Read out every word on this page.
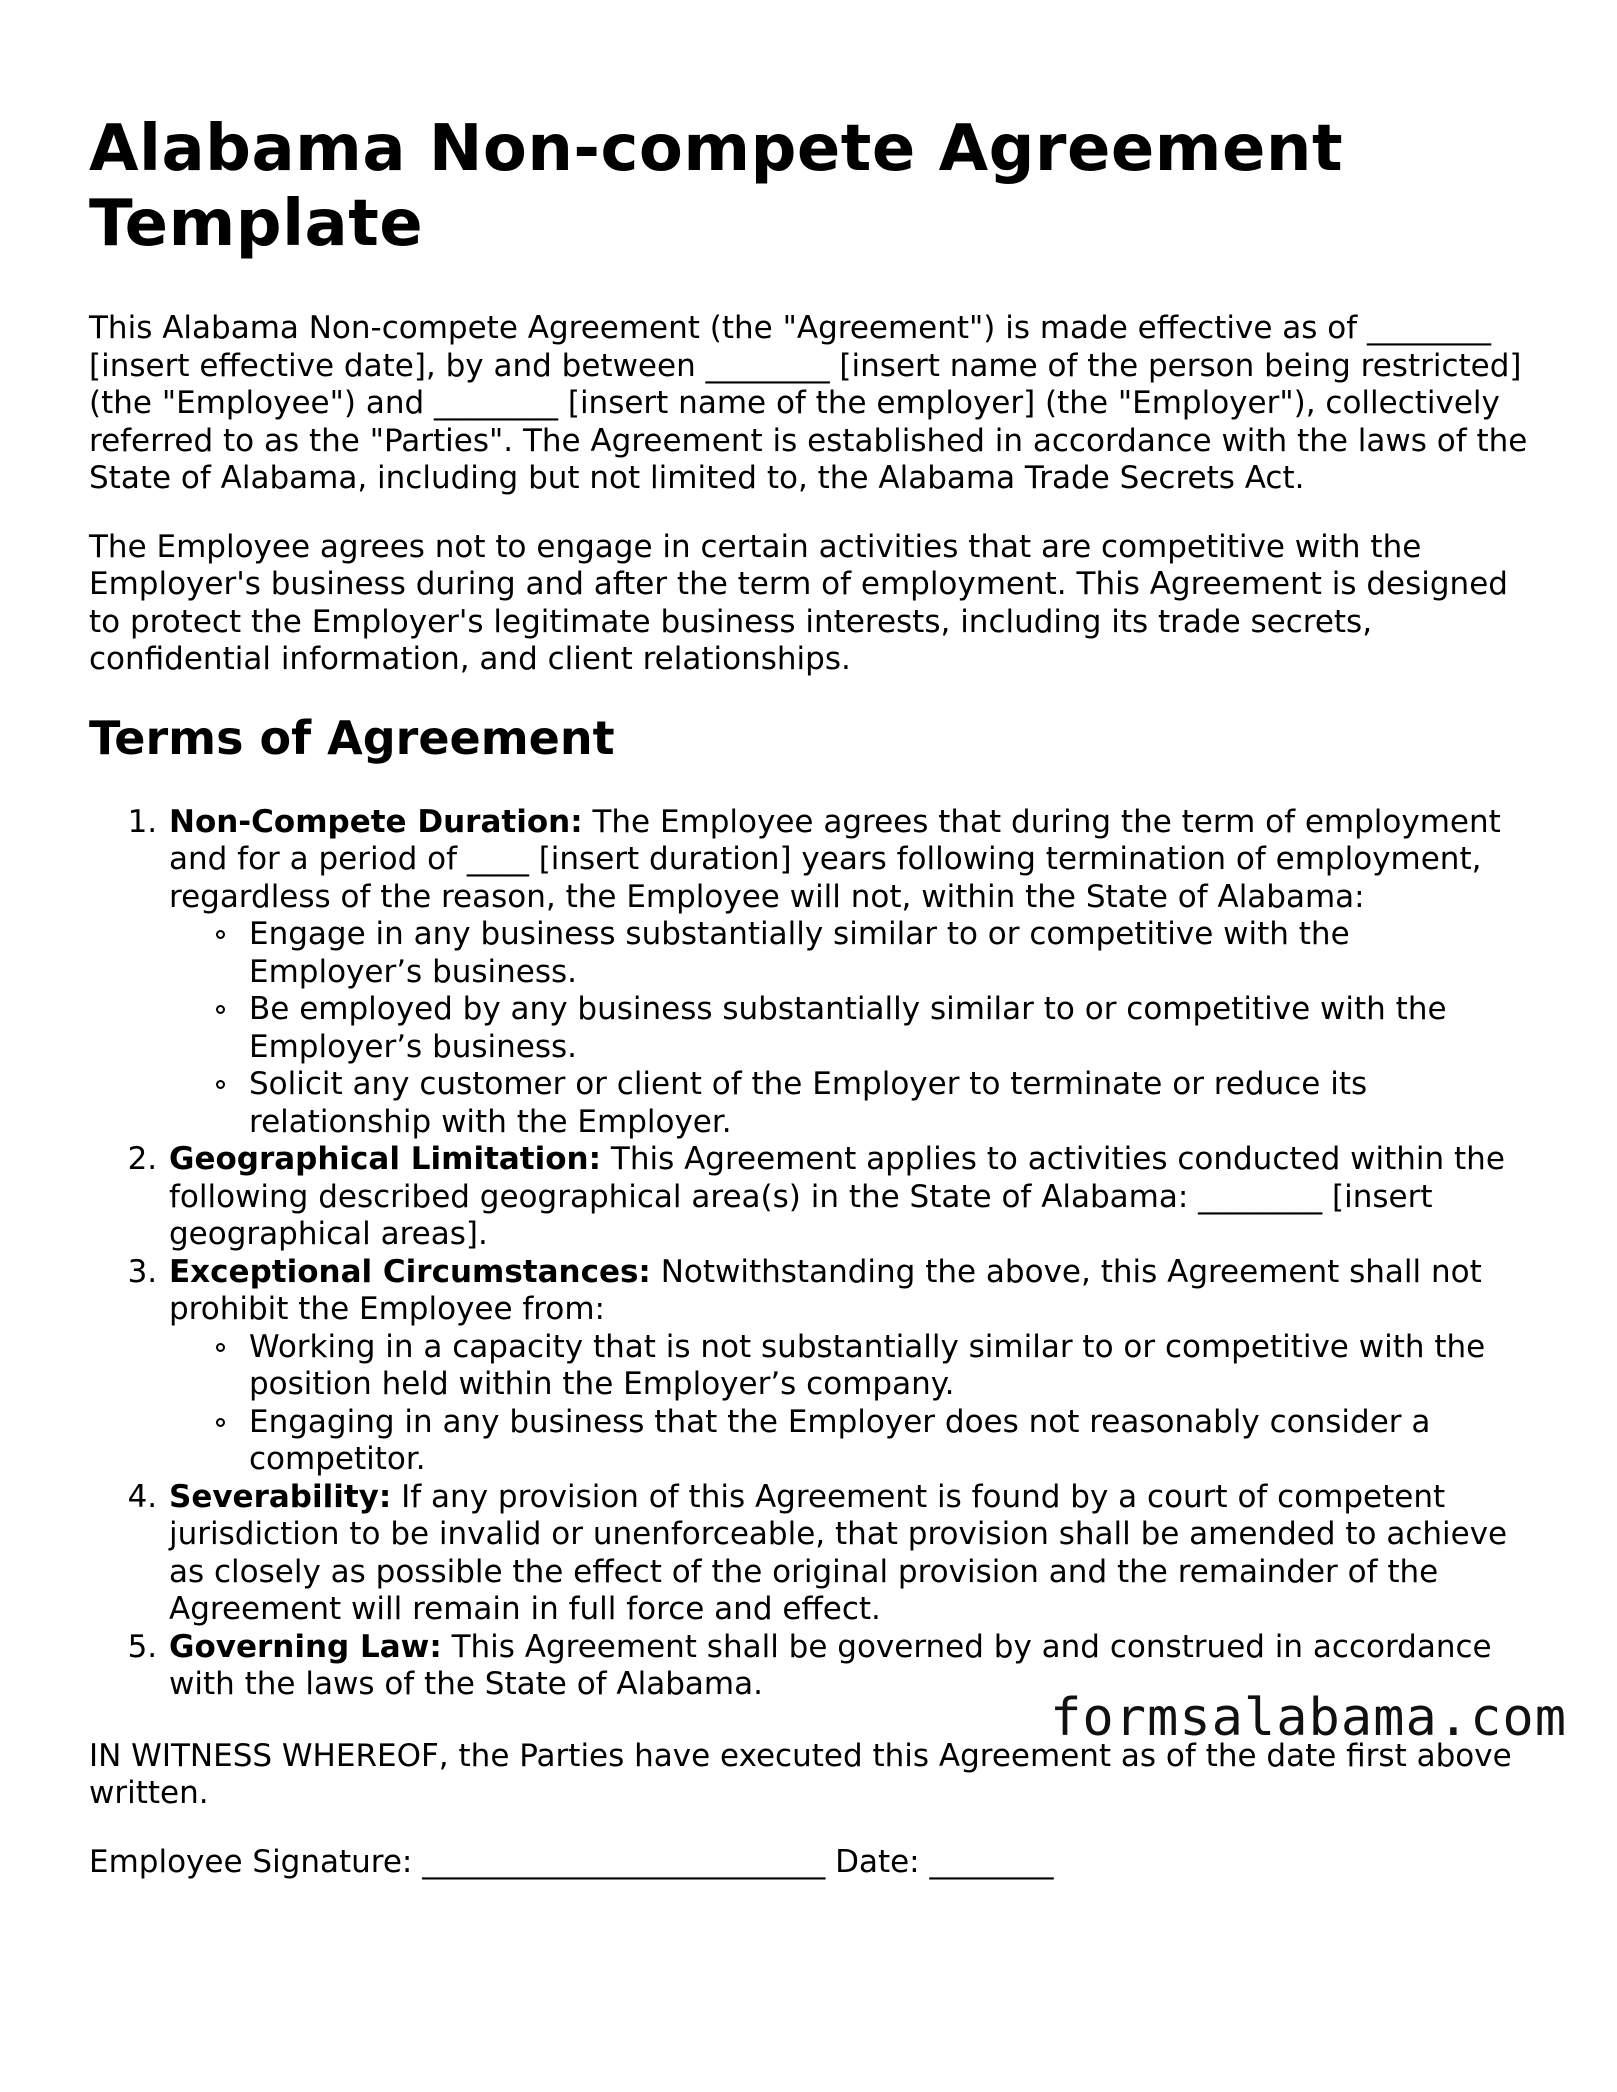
Alabama Non-compete Agreement Template

This Alabama Non-compete Agreement (the "Agreement") is made effective as of ________ [insert effective date], by and between ________ [insert name of the person being restricted] (the "Employee") and ________ [insert name of the employer] (the "Employer"), collectively referred to as the "Parties". The Agreement is established in accordance with the laws of the State of Alabama, including but not limited to, the Alabama Trade Secrets Act.

The Employee agrees not to engage in certain activities that are competitive with the Employer's business during and after the term of employment. This Agreement is designed to protect the Employer's legitimate business interests, including its trade secrets, confidential information, and client relationships.

Terms of Agreement
1. Non-Compete Duration: The Employee agrees that during the term of employment and for a period of ____ [insert duration] years following termination of employment, regardless of the reason, the Employee will not, within the State of Alabama:
Engage in any business substantially similar to or competitive with the Employer’s business.
Be employed by any business substantially similar to or competitive with the Employer’s business.
Solicit any customer or client of the Employer to terminate or reduce its relationship with the Employer.
2. Geographical Limitation: This Agreement applies to activities conducted within the following described geographical area(s) in the State of Alabama: ________ [insert geographical areas].
3. Exceptional Circumstances: Notwithstanding the above, this Agreement shall not prohibit the Employee from:
Working in a capacity that is not substantially similar to or competitive with the position held within the Employer’s company.
Engaging in any business that the Employer does not reasonably consider a competitor.
4. Severability: If any provision of this Agreement is found by a court of competent jurisdiction to be invalid or unenforceable, that provision shall be amended to achieve as closely as possible the effect of the original provision and the remainder of the Agreement will remain in full force and effect.
5. Governing Law: This Agreement shall be governed by and construed in accordance with the laws of the State of Alabama.

IN WITNESS WHEREOF, the Parties have executed this Agreement as of the date first above written.

Employee Signature: __________________________ Date: ________

formsalabama.com
